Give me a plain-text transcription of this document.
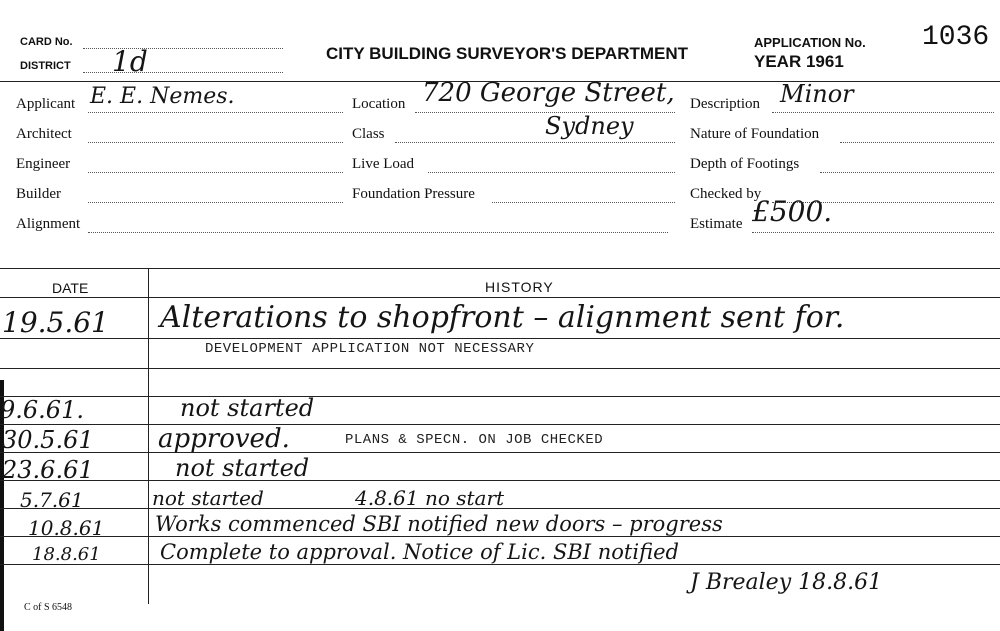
CARD No.
DISTRICT 1d	CITY BUILDING SURVEYOR'S DEPARTMENT
APPLICATION No. 1036
YEAR 1961
Applicant E. E. Nemes.
Architect
Engineer
Builder
Alignment
Location 720 George Street,
Class	Sydney
Live Load
Foundation Pressure
Description Minor
Nature of Foundation
Depth of Footings
Checked by
Estimate £500.
DATE	HISTORY
19.5.61 Alterations to shopfront – alignment sent for.
DEVELOPMENT APPLICATION NOT NECESSARY
9.6.61.	not started
30.5.61 approved.	PLANS & SPECN. ON JOB CHECKED
23.6.61	not started
5.7.61	not started	4.8.61 no start
10.8.61 Works commenced SBI notified new doors – progress
18.8.61	Complete to approval. Notice of Lic. SBI notified
J Brealey 18.8.61
C of S 6548
